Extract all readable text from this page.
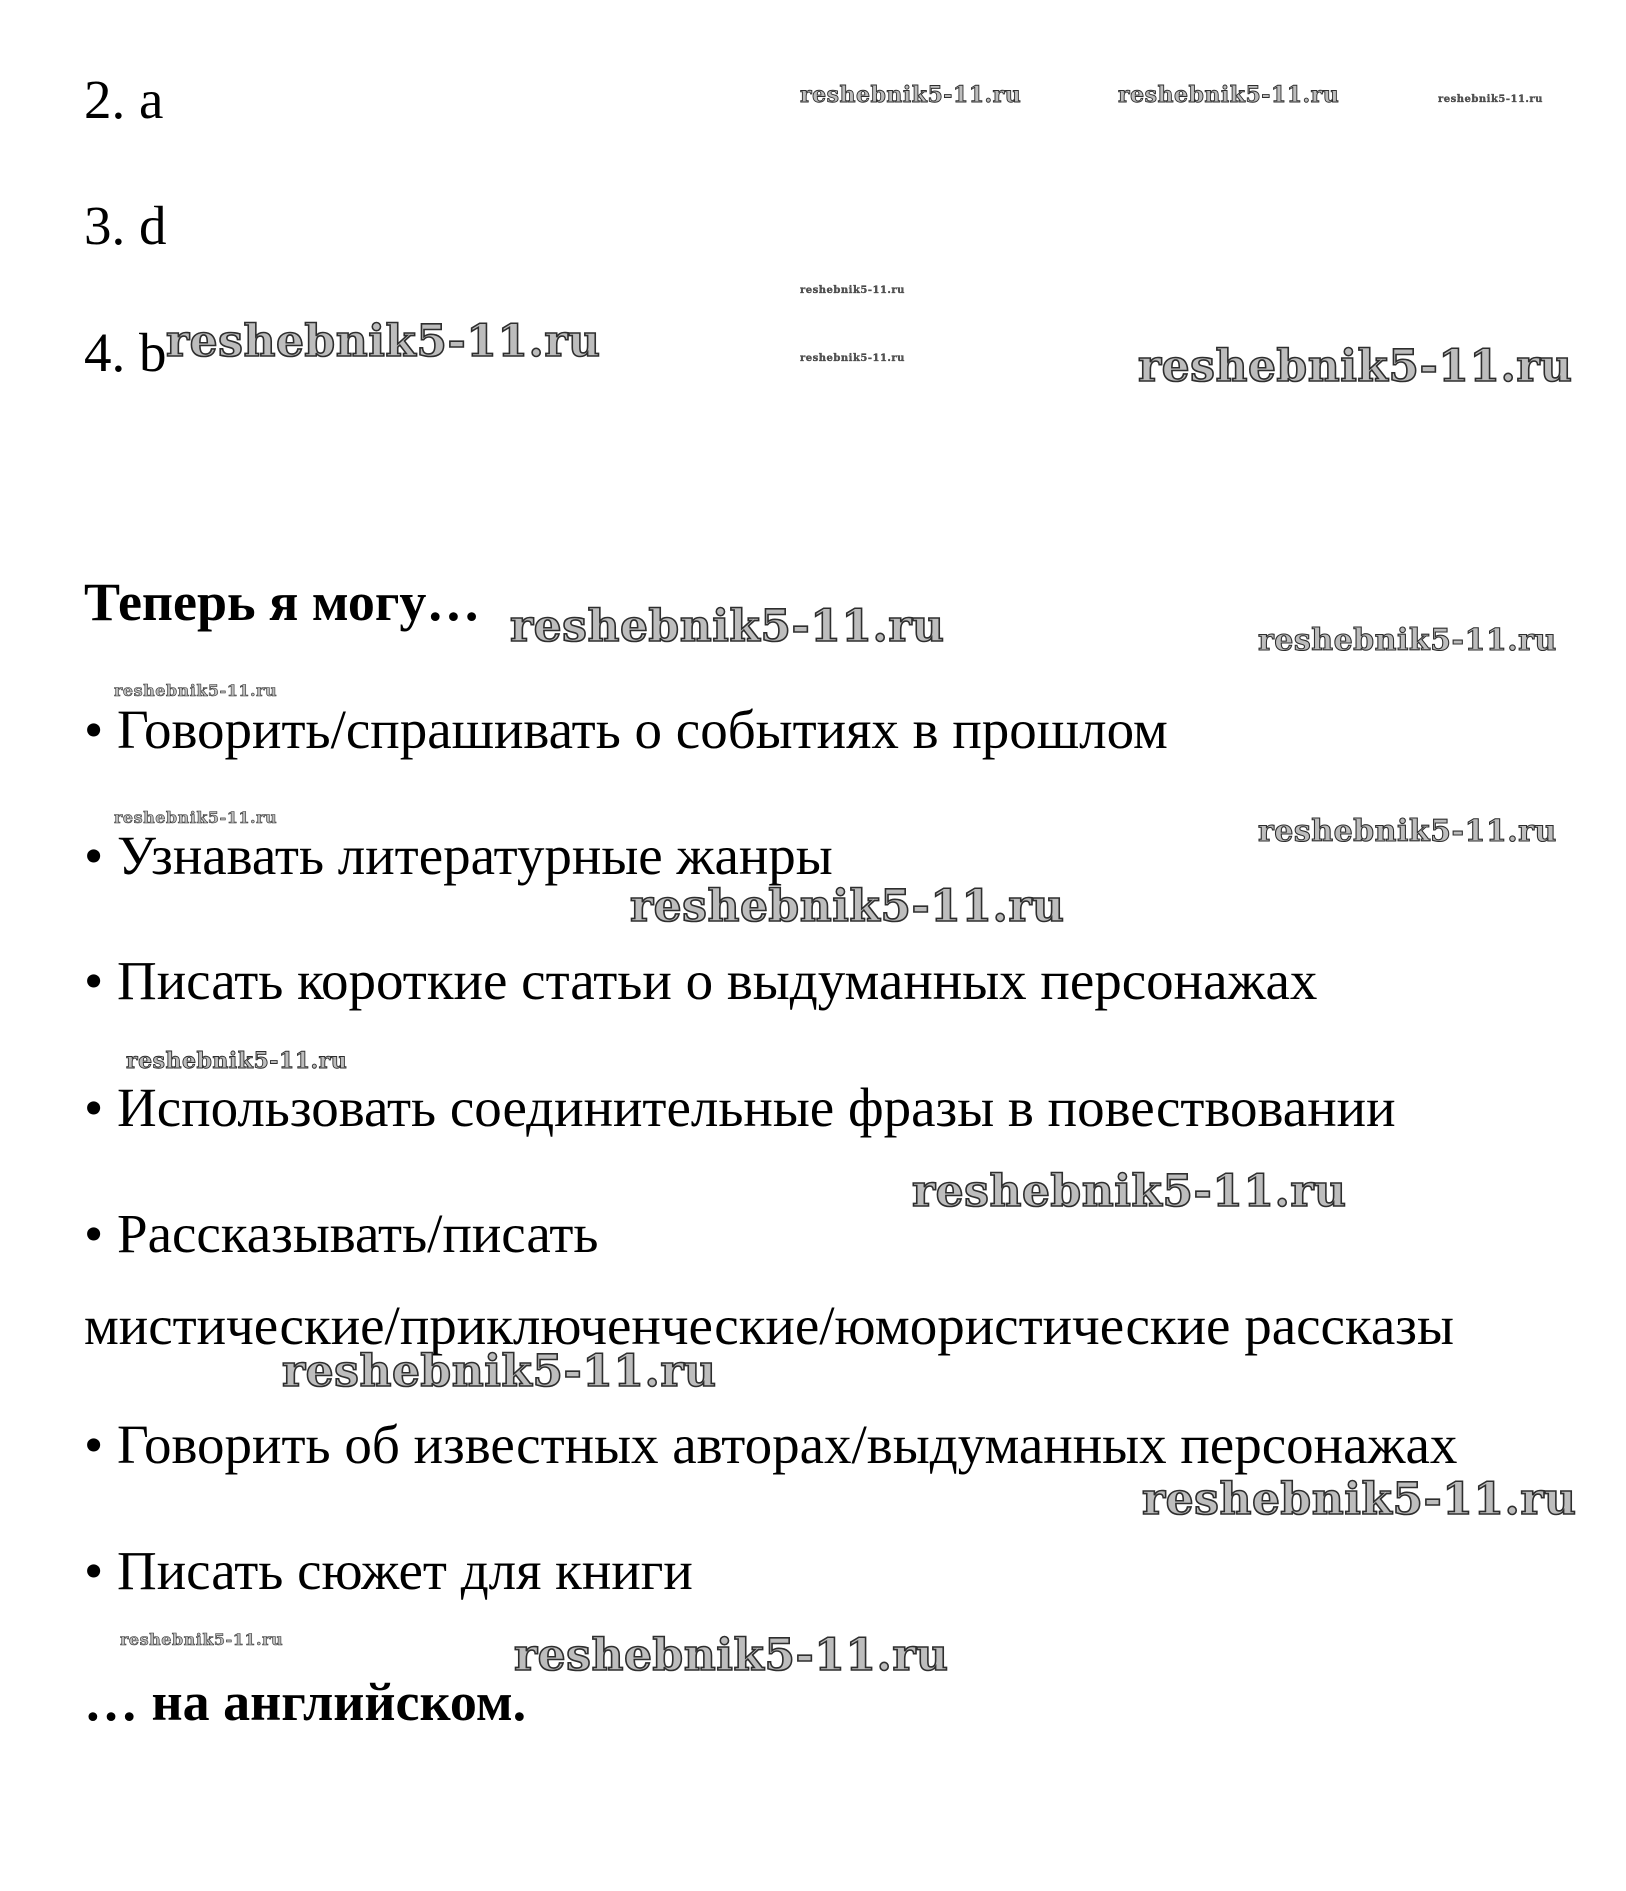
2. a

3. d

4. b

Теперь я могу…

• Говорить/спрашивать о событиях в прошлом

• Узнавать литературные жанры

• Писать короткие статьи о выдуманных персонажах

• Использовать соединительные фразы в повествовании

• Рассказывать/писать

мистические/приключенческие/юмористические рассказы

• Говорить об известных авторах/выдуманных персонажах

• Писать сюжет для книги

… на английском.

reshebnik5-11.ru	reshebnik5-11.ru	reshebnik5-11.ru
reshebnik5-11.ru
reshebnik5-11.ru
reshebnik5-11.ru	reshebnik5-11.ru
reshebnik5-11.ru	reshebnik5-11.ru
reshebnik5-11.ru
reshebnik5-11.ru	reshebnik5-11.ru
reshebnik5-11.ru
reshebnik5-11.ru
reshebnik5-11.ru
reshebnik5-11.ru
reshebnik5-11.ru
reshebnik5-11.ru	reshebnik5-11.ru
